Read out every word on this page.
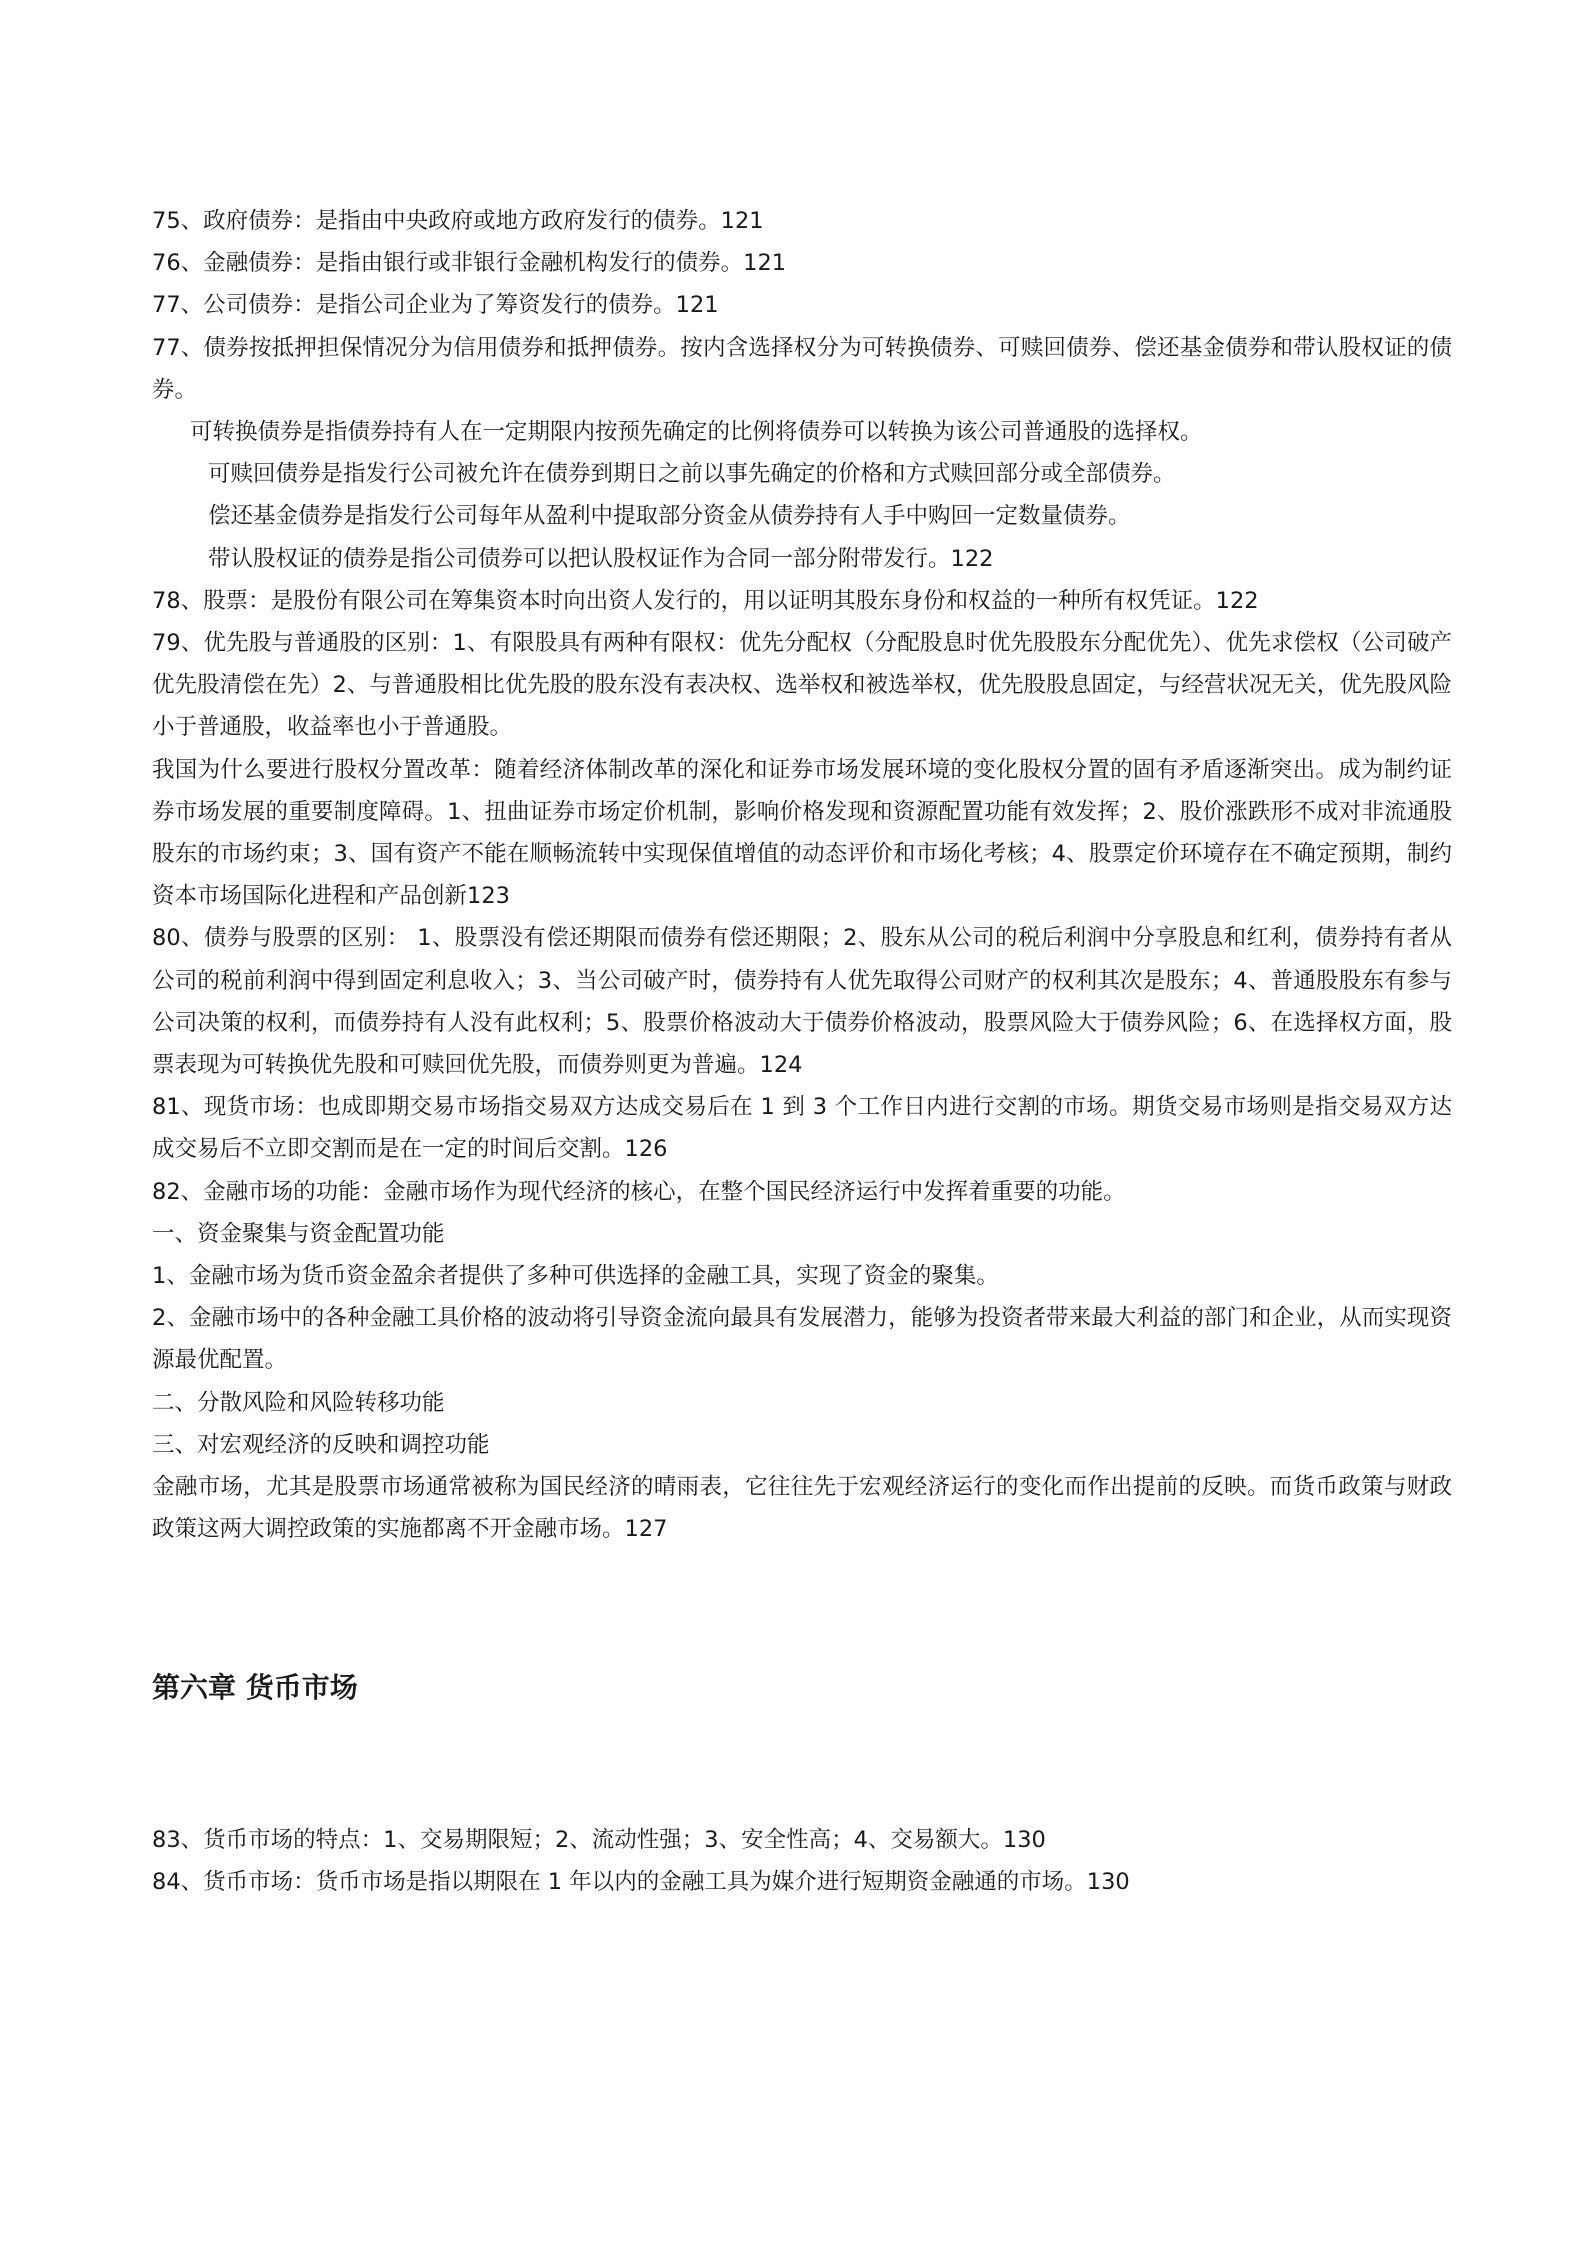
75、政府债券：是指由中央政府或地方政府发行的债券。121

76、金融债券：是指由银行或非银行金融机构发行的债券。121

77、公司债券：是指公司企业为了筹资发行的债券。121

77、债券按抵押担保情况分为信用债券和抵押债券。按内含选择权分为可转换债券、可赎回债券、偿还基金债券和带认股权证的债券。

可转换债券是指债券持有人在一定期限内按预先确定的比例将债券可以转换为该公司普通股的选择权。

可赎回债券是指发行公司被允许在债券到期日之前以事先确定的价格和方式赎回部分或全部债券。

偿还基金债券是指发行公司每年从盈利中提取部分资金从债券持有人手中购回一定数量债券。

带认股权证的债券是指公司债券可以把认股权证作为合同一部分附带发行。122

78、股票：是股份有限公司在筹集资本时向出资人发行的，用以证明其股东身份和权益的一种所有权凭证。122

79、优先股与普通股的区别：1、有限股具有两种有限权：优先分配权（分配股息时优先股股东分配优先）、优先求偿权（公司破产优先股清偿在先）2、与普通股相比优先股的股东没有表决权、选举权和被选举权，优先股股息固定，与经营状况无关，优先股风险小于普通股，收益率也小于普通股。

我国为什么要进行股权分置改革：随着经济体制改革的深化和证券市场发展环境的变化股权分置的固有矛盾逐渐突出。成为制约证券市场发展的重要制度障碍。1、扭曲证券市场定价机制，影响价格发现和资源配置功能有效发挥；2、股价涨跌形不成对非流通股股东的市场约束；3、国有资产不能在顺畅流转中实现保值增值的动态评价和市场化考核；4、股票定价环境存在不确定预期，制约资本市场国际化进程和产品创新123

80、债券与股票的区别： 1、股票没有偿还期限而债券有偿还期限；2、股东从公司的税后利润中分享股息和红利，债券持有者从公司的税前利润中得到固定利息收入；3、当公司破产时，债券持有人优先取得公司财产的权利其次是股东；4、普通股股东有参与公司决策的权利，而债券持有人没有此权利；5、股票价格波动大于债券价格波动，股票风险大于债券风险；6、在选择权方面，股票表现为可转换优先股和可赎回优先股，而债券则更为普遍。124

81、现货市场：也成即期交易市场指交易双方达成交易后在 1 到 3 个工作日内进行交割的市场。期货交易市场则是指交易双方达成交易后不立即交割而是在一定的时间后交割。126

82、金融市场的功能：金融市场作为现代经济的核心，在整个国民经济运行中发挥着重要的功能。

一、资金聚集与资金配置功能

1、金融市场为货币资金盈余者提供了多种可供选择的金融工具，实现了资金的聚集。

2、金融市场中的各种金融工具价格的波动将引导资金流向最具有发展潜力，能够为投资者带来最大利益的部门和企业，从而实现资源最优配置。

二、分散风险和风险转移功能

三、对宏观经济的反映和调控功能

金融市场，尤其是股票市场通常被称为国民经济的晴雨表，它往往先于宏观经济运行的变化而作出提前的反映。而货币政策与财政政策这两大调控政策的实施都离不开金融市场。127

第六章 货币市场

83、货币市场的特点：1、交易期限短；2、流动性强；3、安全性高；4、交易额大。130

84、货币市场：货币市场是指以期限在 1 年以内的金融工具为媒介进行短期资金融通的市场。130
